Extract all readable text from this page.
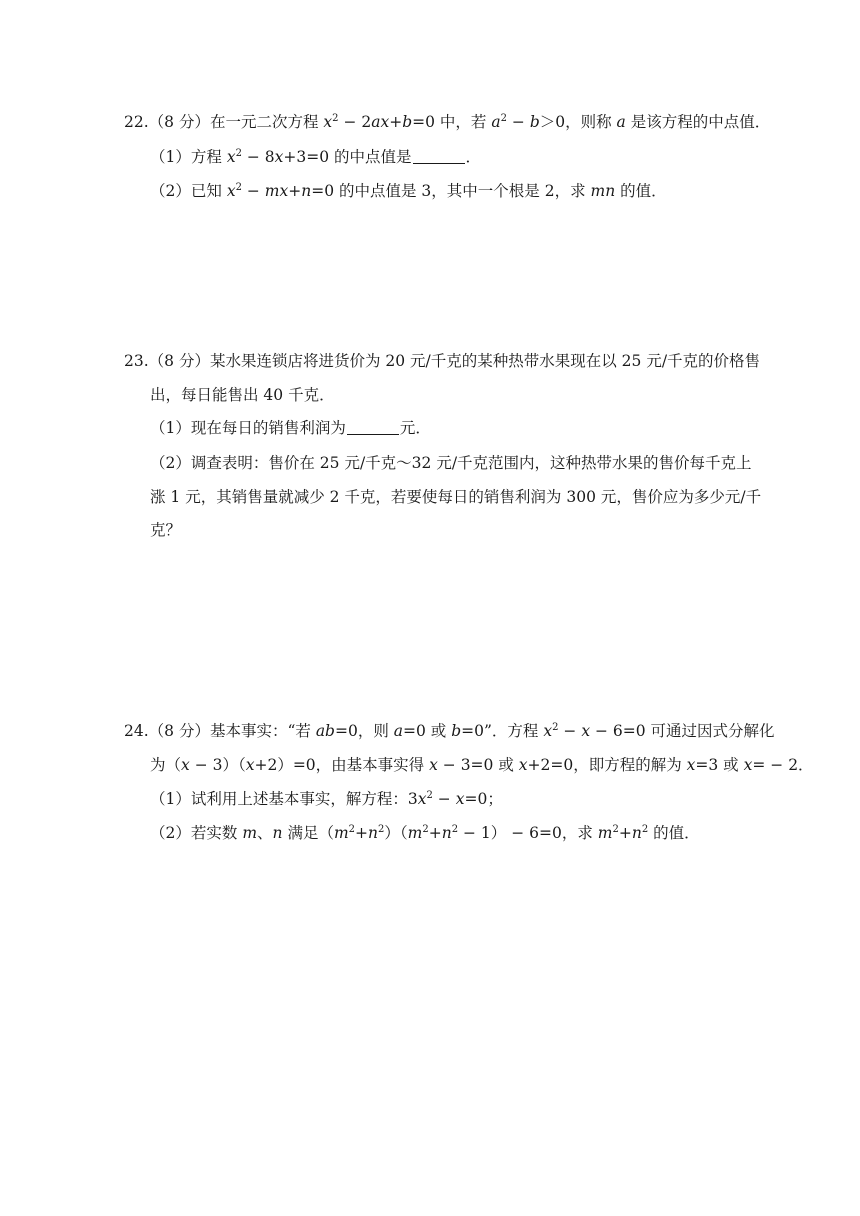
22.（8 分）在一元二次方程 $x^2 - 2ax+b=0$ 中，若 $a^2 - b>0$，则称 a 是该方程的中点值．
（1）方程 $x^2 - 8x+3=0$ 的中点值是	．
（2）已知 $x^2 - mx+n=0$ 的中点值是 3，其中一个根是 2，求 mn 的值．
23.（8 分）某水果连锁店将进货价为 20 元/千克的某种热带水果现在以 25 元/千克的价格售
出，每日能售出 40 千克．
（1）现在每日的销售利润为	元．
（2）调查表明：售价在 25 元/千克～32 元/千克范围内，这种热带水果的售价每千克上
涨 1 元，其销售量就减少 2 千克，若要使每日的销售利润为 300 元，售价应为多少元/千
克？
24.（8 分）基本事实：“若 ab=0，则 a=0 或 b=0”．方程 $x^2 - x - 6=0$ 可通过因式分解化
为（x − 3）（x+2）=0，由基本事实得 x − 3=0 或 x+2=0，即方程的解为 x=3 或 x= − 2．
（1）试利用上述基本事实，解方程：$3x^2 - x=0$；
（2）若实数 m、n 满足$(m^2+n^2)(m^2+n^2 - 1) - 6=0$，求 $m^2+n^2$ 的值．
